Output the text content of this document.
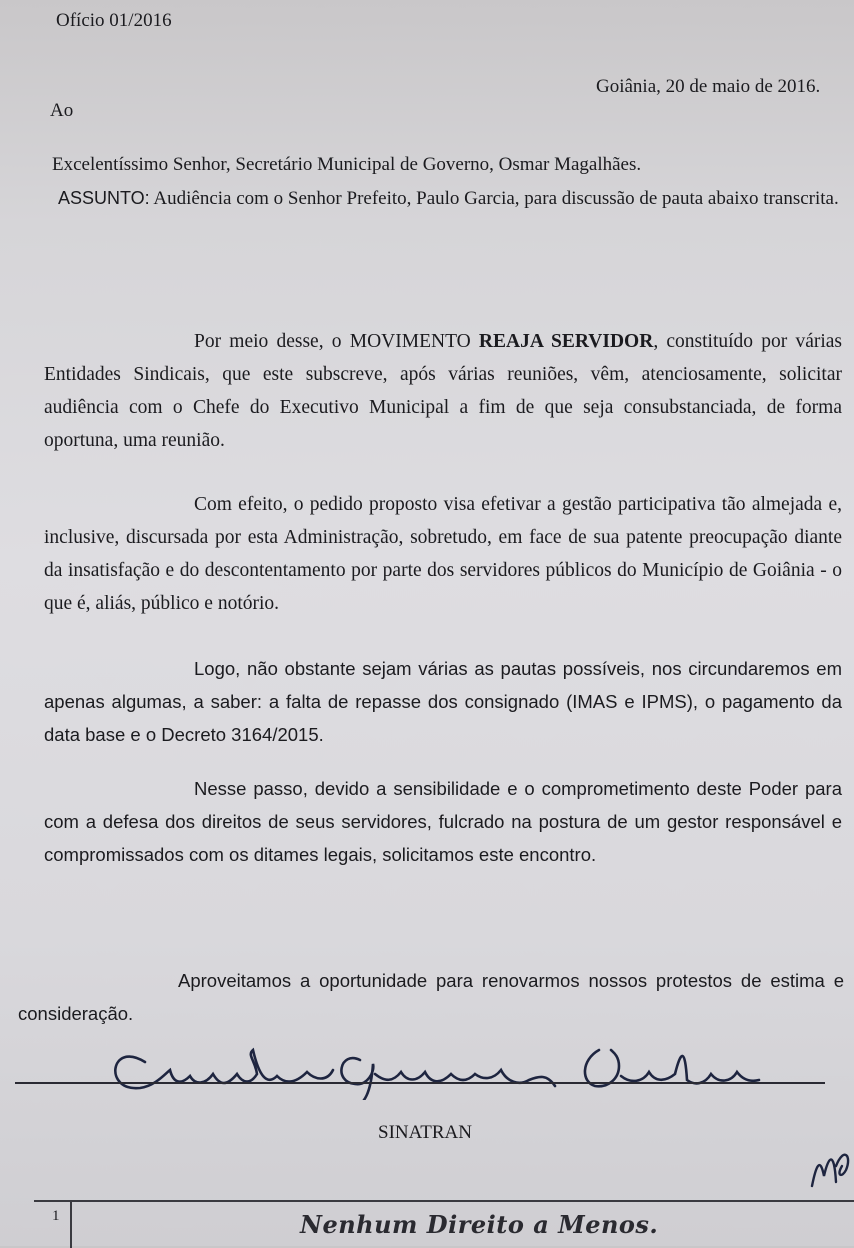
Ofício 01/2016
Goiânia, 20 de maio de 2016.
Ao
Excelentíssimo Senhor, Secretário Municipal de Governo, Osmar Magalhães.
ASSUNTO: Audiência com o Senhor Prefeito, Paulo Garcia, para discussão de pauta abaixo transcrita.
Por meio desse, o MOVIMENTO REAJA SERVIDOR, constituído por várias Entidades Sindicais, que este subscreve, após várias reuniões, vêm, atenciosamente, solicitar audiência com o Chefe do Executivo Municipal a fim de que seja consubstanciada, de forma oportuna, uma reunião.
Com efeito, o pedido proposto visa efetivar a gestão participativa tão almejada e, inclusive, discursada por esta Administração, sobretudo, em face de sua patente preocupação diante da insatisfação e do descontentamento por parte dos servidores públicos do Município de Goiânia - o que é, aliás, público e notório.
Logo, não obstante sejam várias as pautas possíveis, nos circundaremos em apenas algumas, a saber: a falta de repasse dos consignado (IMAS e IPMS), o pagamento da data base e o Decreto 3164/2015.
Nesse passo, devido a sensibilidade e o comprometimento deste Poder para com a defesa dos direitos de seus servidores, fulcrado na postura de um gestor responsável e compromissados com os ditames legais, solicitamos este encontro.
Aproveitamos a oportunidade para renovarmos nossos protestos de estima e consideração.
SINATRAN
1	Nenhum Direito a Menos.
